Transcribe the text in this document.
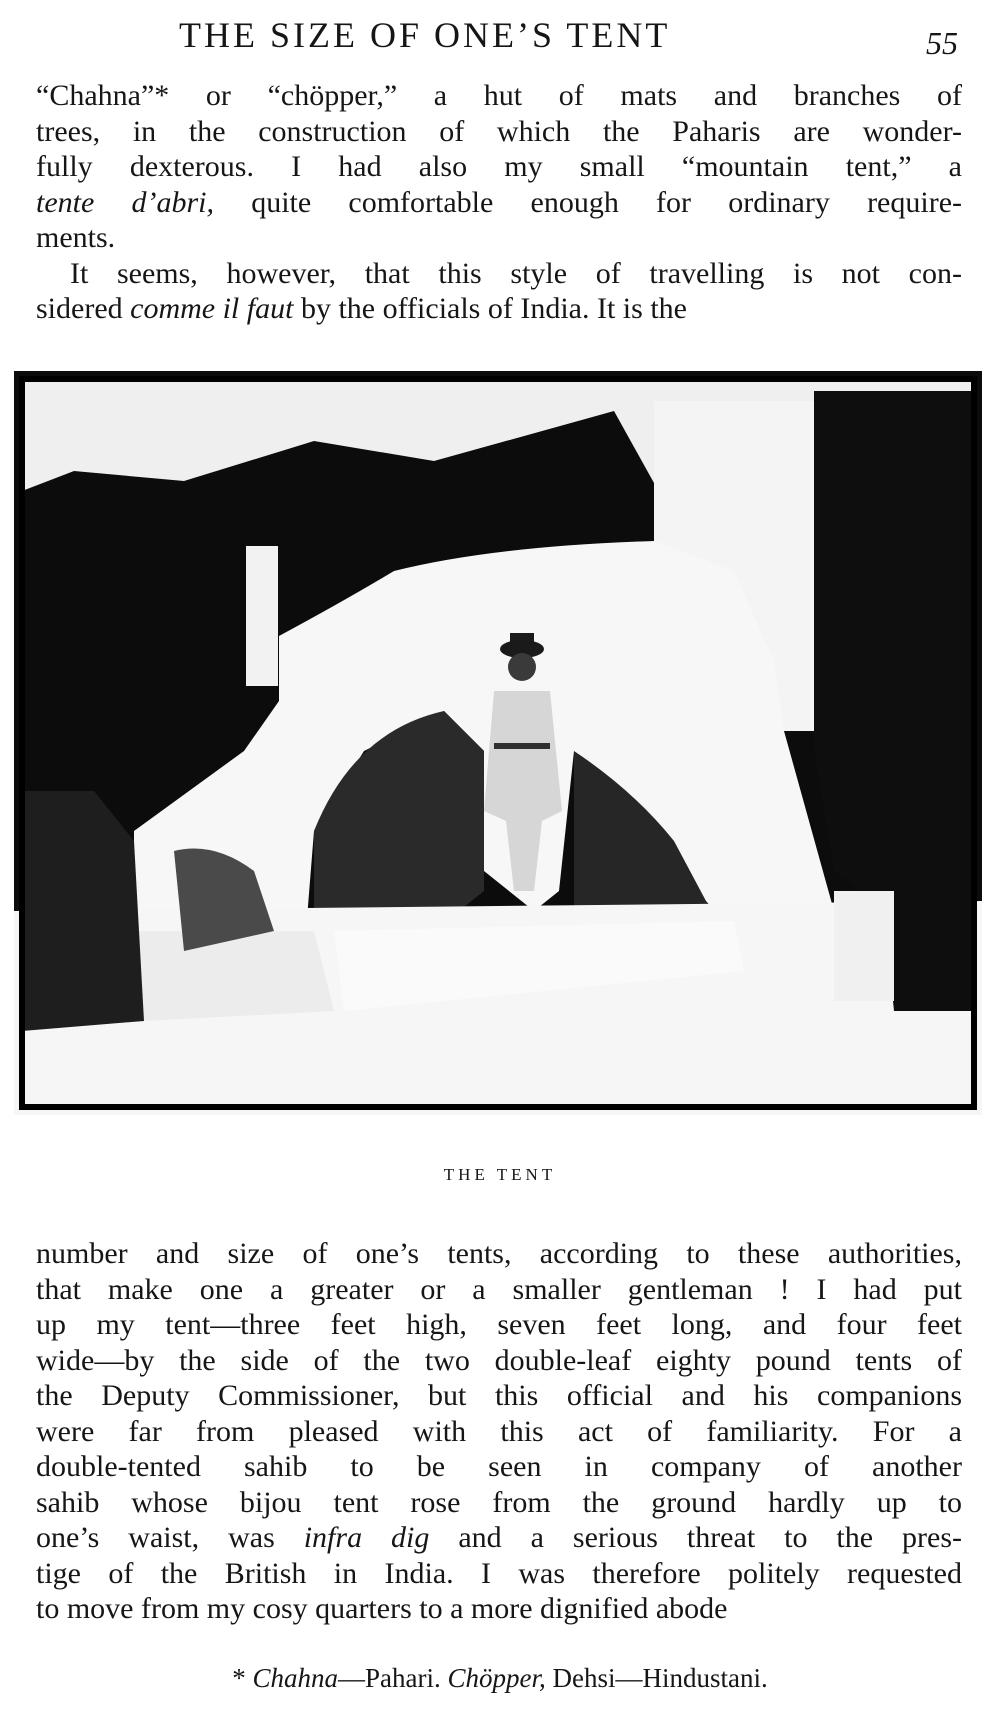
THE SIZE OF ONE’S TENT	55
“Chahna”* or “chöpper,” a hut of mats and branches of
trees, in the construction of which the Paharis are wonder-
fully dexterous. I had also my small “mountain tent,” a
tente d’abri, quite comfortable enough for ordinary require-
ments.
It seems, however, that this style of travelling is not con-
sidered comme il faut by the officials of India. It is the
THE TENT
number and size of one’s tents, according to these authorities,
that make one a greater or a smaller gentleman ! I had put
up my tent—three feet high, seven feet long, and four feet
wide—by the side of the two double-leaf eighty pound tents of
the Deputy Commissioner, but this official and his companions
were far from pleased with this act of familiarity. For a
double-tented sahib to be seen in company of another
sahib whose bijou tent rose from the ground hardly up to
one’s waist, was infra dig and a serious threat to the pres-
tige of the British in India. I was therefore politely requested
to move from my cosy quarters to a more dignified abode
* Chahna—Pahari. Chöpper, Dehsi—Hindustani.
